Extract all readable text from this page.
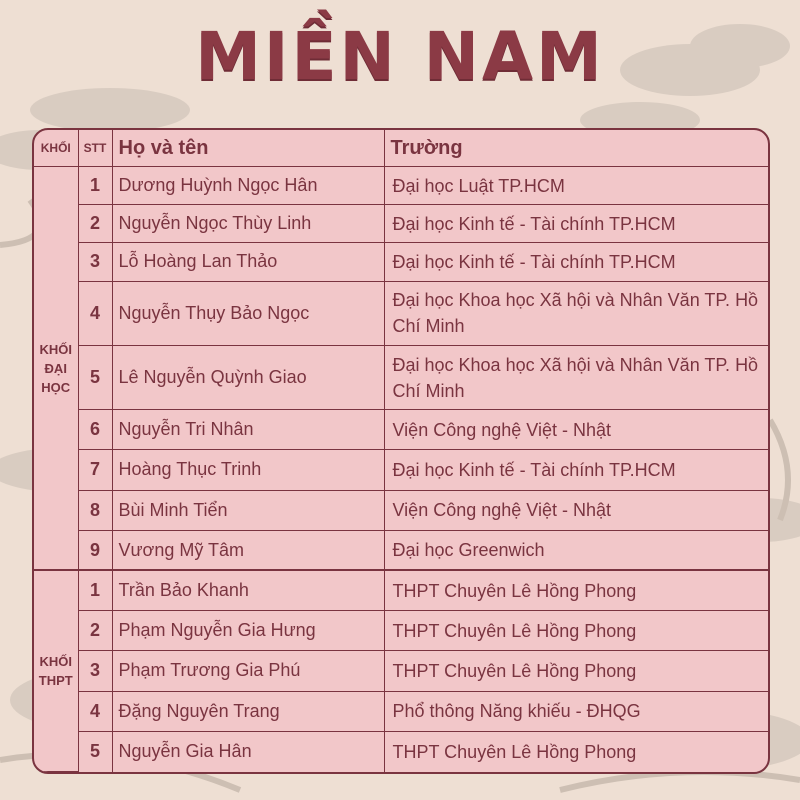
MIỀN NAM
KHỐI	STT	Họ và tên	Trường

KHỐI
ĐẠI
HỌC	1	Dương Huỳnh Ngọc Hân	Đại học Luật TP.HCM
	2	Nguyễn Ngọc Thùy Linh	Đại học Kinh tế - Tài chính TP.HCM
	3	Lỗ Hoàng Lan Thảo	Đại học Kinh tế - Tài chính TP.HCM
	4	Nguyễn Thụy Bảo Ngọc	Đại học Khoa học Xã hội và Nhân Văn TP. Hồ Chí Minh
	5	Lê Nguyễn Quỳnh Giao	Đại học Khoa học Xã hội và Nhân Văn TP. Hồ Chí Minh
	6	Nguyễn Tri Nhân	Viện Công nghệ Việt - Nhật
	7	Hoàng Thục Trinh	Đại học Kinh tế - Tài chính TP.HCM
	8	Bùi Minh Tiển	Viện Công nghệ Việt - Nhật
	9	Vương Mỹ Tâm	Đại học Greenwich

KHỐI
THPT	1	Trần Bảo Khanh	THPT Chuyên Lê Hồng Phong
	2	Phạm Nguyễn Gia Hưng	THPT Chuyên Lê Hồng Phong
	3	Phạm Trương Gia Phú	THPT Chuyên Lê Hồng Phong
	4	Đặng Nguyên Trang	Phổ thông Năng khiếu - ĐHQG
	5	Nguyễn Gia Hân	THPT Chuyên Lê Hồng Phong
